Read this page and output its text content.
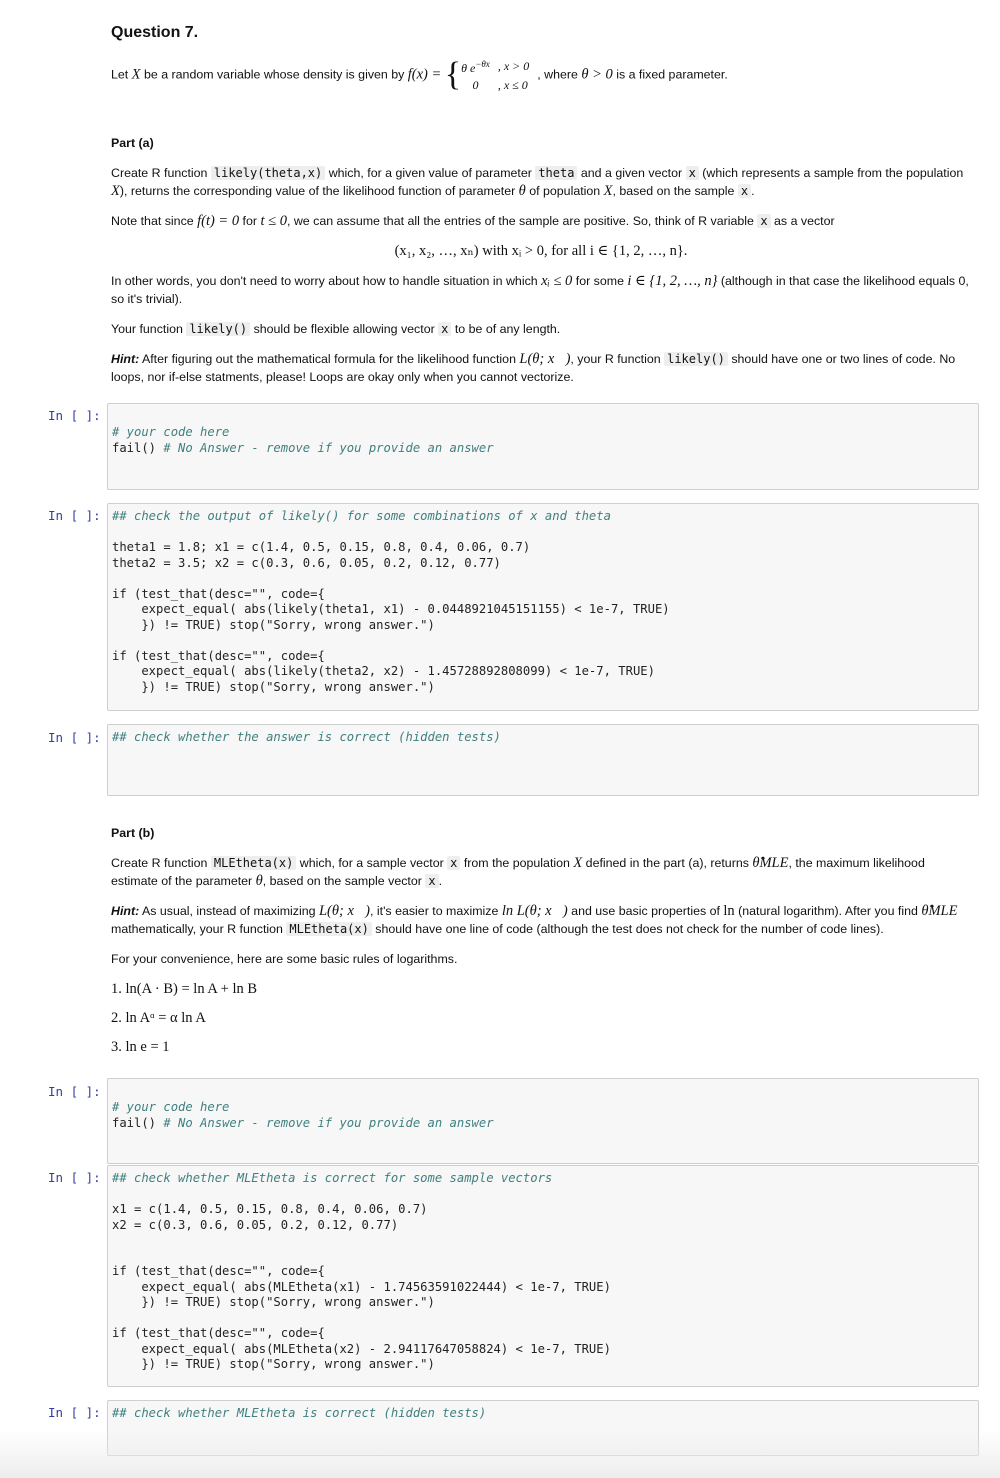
Question 7.

Let X be a random variable whose density is given by f(x) = { θ $e^{-\theta x}$	, x > 0
0	, x ≤ 0, where θ > 0 is a fixed parameter.

Part (a)

Create R function likely(theta,x) which, for a given value of parameter theta and a given vector x (which represents a sample from the population X), returns the corresponding value of the likelihood function of parameter θ of population X, based on the sample x .

Note that since f(t) = 0 for t ≤ 0, we can assume that all the entries of the sample are positive. So, think of R variable x as a vector

(x₁, x₂, …, xₙ) with xᵢ > 0, for all i ∈ {1, 2, …, n}.

In other words, you don't need to worry about how to handle situation in which xᵢ ≤ 0 for some i ∈ {1, 2, …, n} (although in that case the likelihood equals 0, so it's trivial).

Your function likely() should be flexible allowing vector x to be of any length.

Hint: After figuring out the mathematical formula for the likelihood function L(θ; x⃗), your R function likely() should have one or two lines of code. No loops, nor if-else statments, please! Loops are okay only when you cannot vectorize.

In [ ]:
# your code here
fail() # No Answer - remove if you provide an answer
In [ ]: ## check the output of likely() for some combinations of x and theta

theta1 = 1.8; x1 = c(1.4, 0.5, 0.15, 0.8, 0.4, 0.06, 0.7)
theta2 = 3.5; x2 = c(0.3, 0.6, 0.05, 0.2, 0.12, 0.77)

if (test_that(desc="", code={
expect_equal( abs(likely(theta1, x1) - 0.0448921045151155) < 1e-7, TRUE)
}) != TRUE) stop("Sorry, wrong answer.")

if (test_that(desc="", code={
expect_equal( abs(likely(theta2, x2) - 1.45728892808099) < 1e-7, TRUE)
}) != TRUE) stop("Sorry, wrong answer.")
In [ ]: ## check whether the answer is correct (hidden tests)

Part (b)

Create R function MLEtheta(x) which, for a sample vector x from the population X defined in the part (a), returns θ̂MLE, the maximum likelihood estimate of the parameter θ, based on the sample vector x .

Hint: As usual, instead of maximizing L(θ; x⃗), it's easier to maximize ln L(θ; x⃗) and use basic properties of ln (natural logarithm). After you find θ̂MLE mathematically, your R function MLEtheta(x) should have one line of code (although the test does not check for the number of code lines).

For your convenience, here are some basic rules of logarithms.

1. ln(A · B) = ln A + ln B

2. ln Aᵅ = α ln A

3. ln e = 1

In [ ]:
# your code here
fail() # No Answer - remove if you provide an answer
In [ ]: ## check whether MLEtheta is correct for some sample vectors

x1 = c(1.4, 0.5, 0.15, 0.8, 0.4, 0.06, 0.7)
x2 = c(0.3, 0.6, 0.05, 0.2, 0.12, 0.77)

if (test_that(desc="", code={
expect_equal( abs(MLEtheta(x1) - 1.74563591022444) < 1e-7, TRUE)
}) != TRUE) stop("Sorry, wrong answer.")

if (test_that(desc="", code={
expect_equal( abs(MLEtheta(x2) - 2.94117647058824) < 1e-7, TRUE)
}) != TRUE) stop("Sorry, wrong answer.")
In [ ]: ## check whether MLEtheta is correct (hidden tests)
